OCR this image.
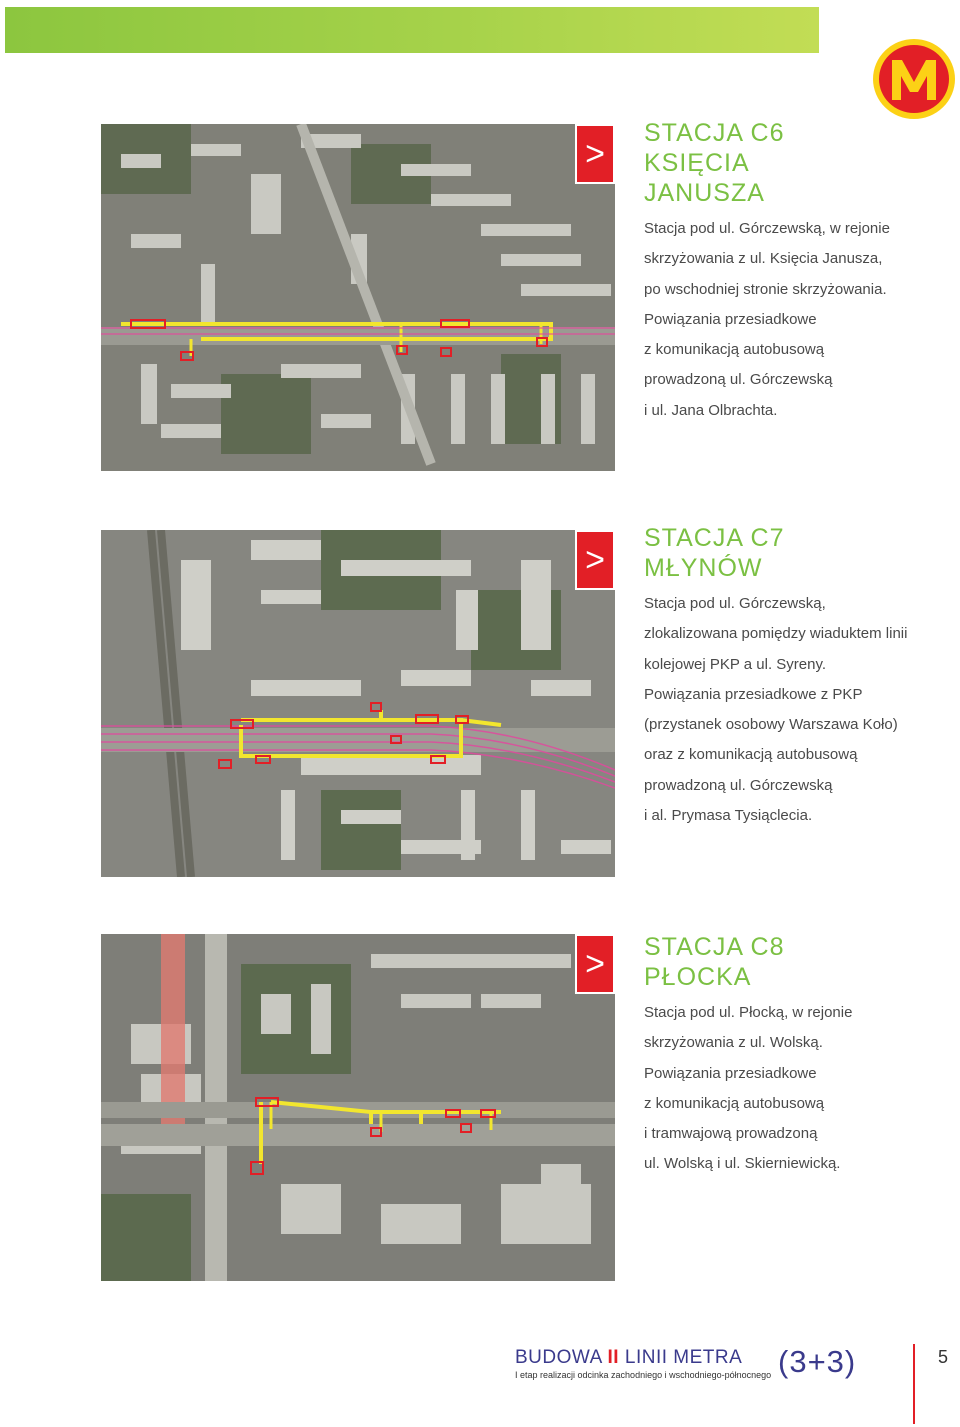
>
STACJA C6
KSIĘCIA
JANUSZA
Stacja pod ul. Górczewską, w rejonie
skrzyżowania z ul. Księcia Janusza,
po wschodniej stronie skrzyżowania.
Powiązania przesiadkowe
z komunikacją autobusową
prowadzoną ul. Górczewską
i ul. Jana Olbrachta.
>
STACJA C7
MŁYNÓW
Stacja pod ul. Górczewską,
zlokalizowana pomiędzy wiaduktem linii
kolejowej PKP a ul. Syreny.
Powiązania przesiadkowe z PKP
(przystanek osobowy Warszawa Koło)
oraz z komunikacją autobusową
prowadzoną ul. Górczewską
i al. Prymasa Tysiąclecia.
>	STACJA C8
PŁOCKA
Stacja pod ul. Płocką, w rejonie
skrzyżowania z ul. Wolską.
Powiązania przesiadkowe
z komunikacją autobusową
i tramwajową prowadzoną
ul. Wolską i ul. Skierniewicką.
BUDOWA II LINII METRA
I etap realizacji odcinka zachodniego i wschodniego-północnego (3+3)	5
